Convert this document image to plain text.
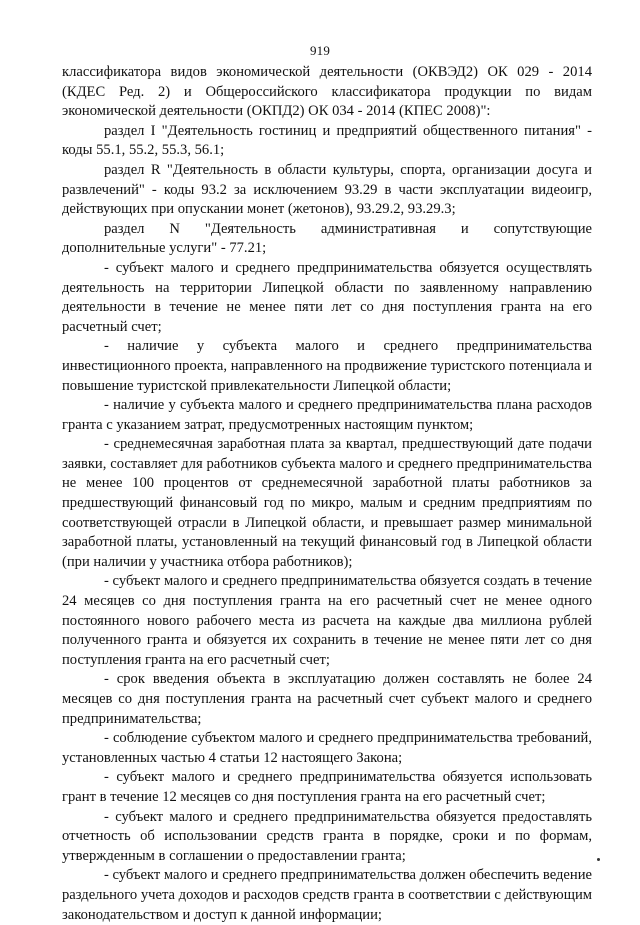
919

классификатора видов экономической деятельности (ОКВЭД2) ОК 029 - 2014 (КДЕС Ред. 2) и Общероссийского классификатора продукции по видам экономической деятельности (ОКПД2) ОК 034 - 2014 (КПЕС 2008)":

раздел I "Деятельность гостиниц и предприятий общественного питания" - коды 55.1, 55.2, 55.3, 56.1;

раздел R "Деятельность в области культуры, спорта, организации досуга и развлечений" - коды 93.2 за исключением 93.29 в части эксплуатации видеоигр, действующих при опускании монет (жетонов), 93.29.2, 93.29.3;

раздел N "Деятельность административная и сопутствующие дополнительные услуги" - 77.21;

- субъект малого и среднего предпринимательства обязуется осуществлять деятельность на территории Липецкой области по заявленному направлению деятельности в течение не менее пяти лет со дня поступления гранта на его расчетный счет;

- наличие у субъекта малого и среднего предпринимательства инвестиционного проекта, направленного на продвижение туристского потенциала и повышение туристской привлекательности Липецкой области;

- наличие у субъекта малого и среднего предпринимательства плана расходов гранта с указанием затрат, предусмотренных настоящим пунктом;

- среднемесячная заработная плата за квартал, предшествующий дате подачи заявки, составляет для работников субъекта малого и среднего предпринимательства не менее 100 процентов от среднемесячной заработной платы работников за предшествующий финансовый год по микро, малым и средним предприятиям по соответствующей отрасли в Липецкой области, и превышает размер минимальной заработной платы, установленный на текущий финансовый год в Липецкой области (при наличии у участника отбора работников);

- субъект малого и среднего предпринимательства обязуется создать в течение 24 месяцев со дня поступления гранта на его расчетный счет не менее одного постоянного нового рабочего места из расчета на каждые два миллиона рублей полученного гранта и обязуется их сохранить в течение не менее пяти лет со дня поступления гранта на его расчетный счет;

- срок введения объекта в эксплуатацию должен составлять не более 24 месяцев со дня поступления гранта на расчетный счет субъект малого и среднего предпринимательства;

- соблюдение субъектом малого и среднего предпринимательства требований, установленных частью 4 статьи 12 настоящего Закона;

- субъект малого и среднего предпринимательства обязуется использовать грант в течение 12 месяцев со дня поступления гранта на его расчетный счет;

- субъект малого и среднего предпринимательства обязуется предоставлять отчетность об использовании средств гранта в порядке, сроки и по формам, утвержденным в соглашении о предоставлении гранта;

- субъект малого и среднего предпринимательства должен обеспечить ведение раздельного учета доходов и расходов средств гранта в соответствии с действующим законодательством и доступ к данной информации;
